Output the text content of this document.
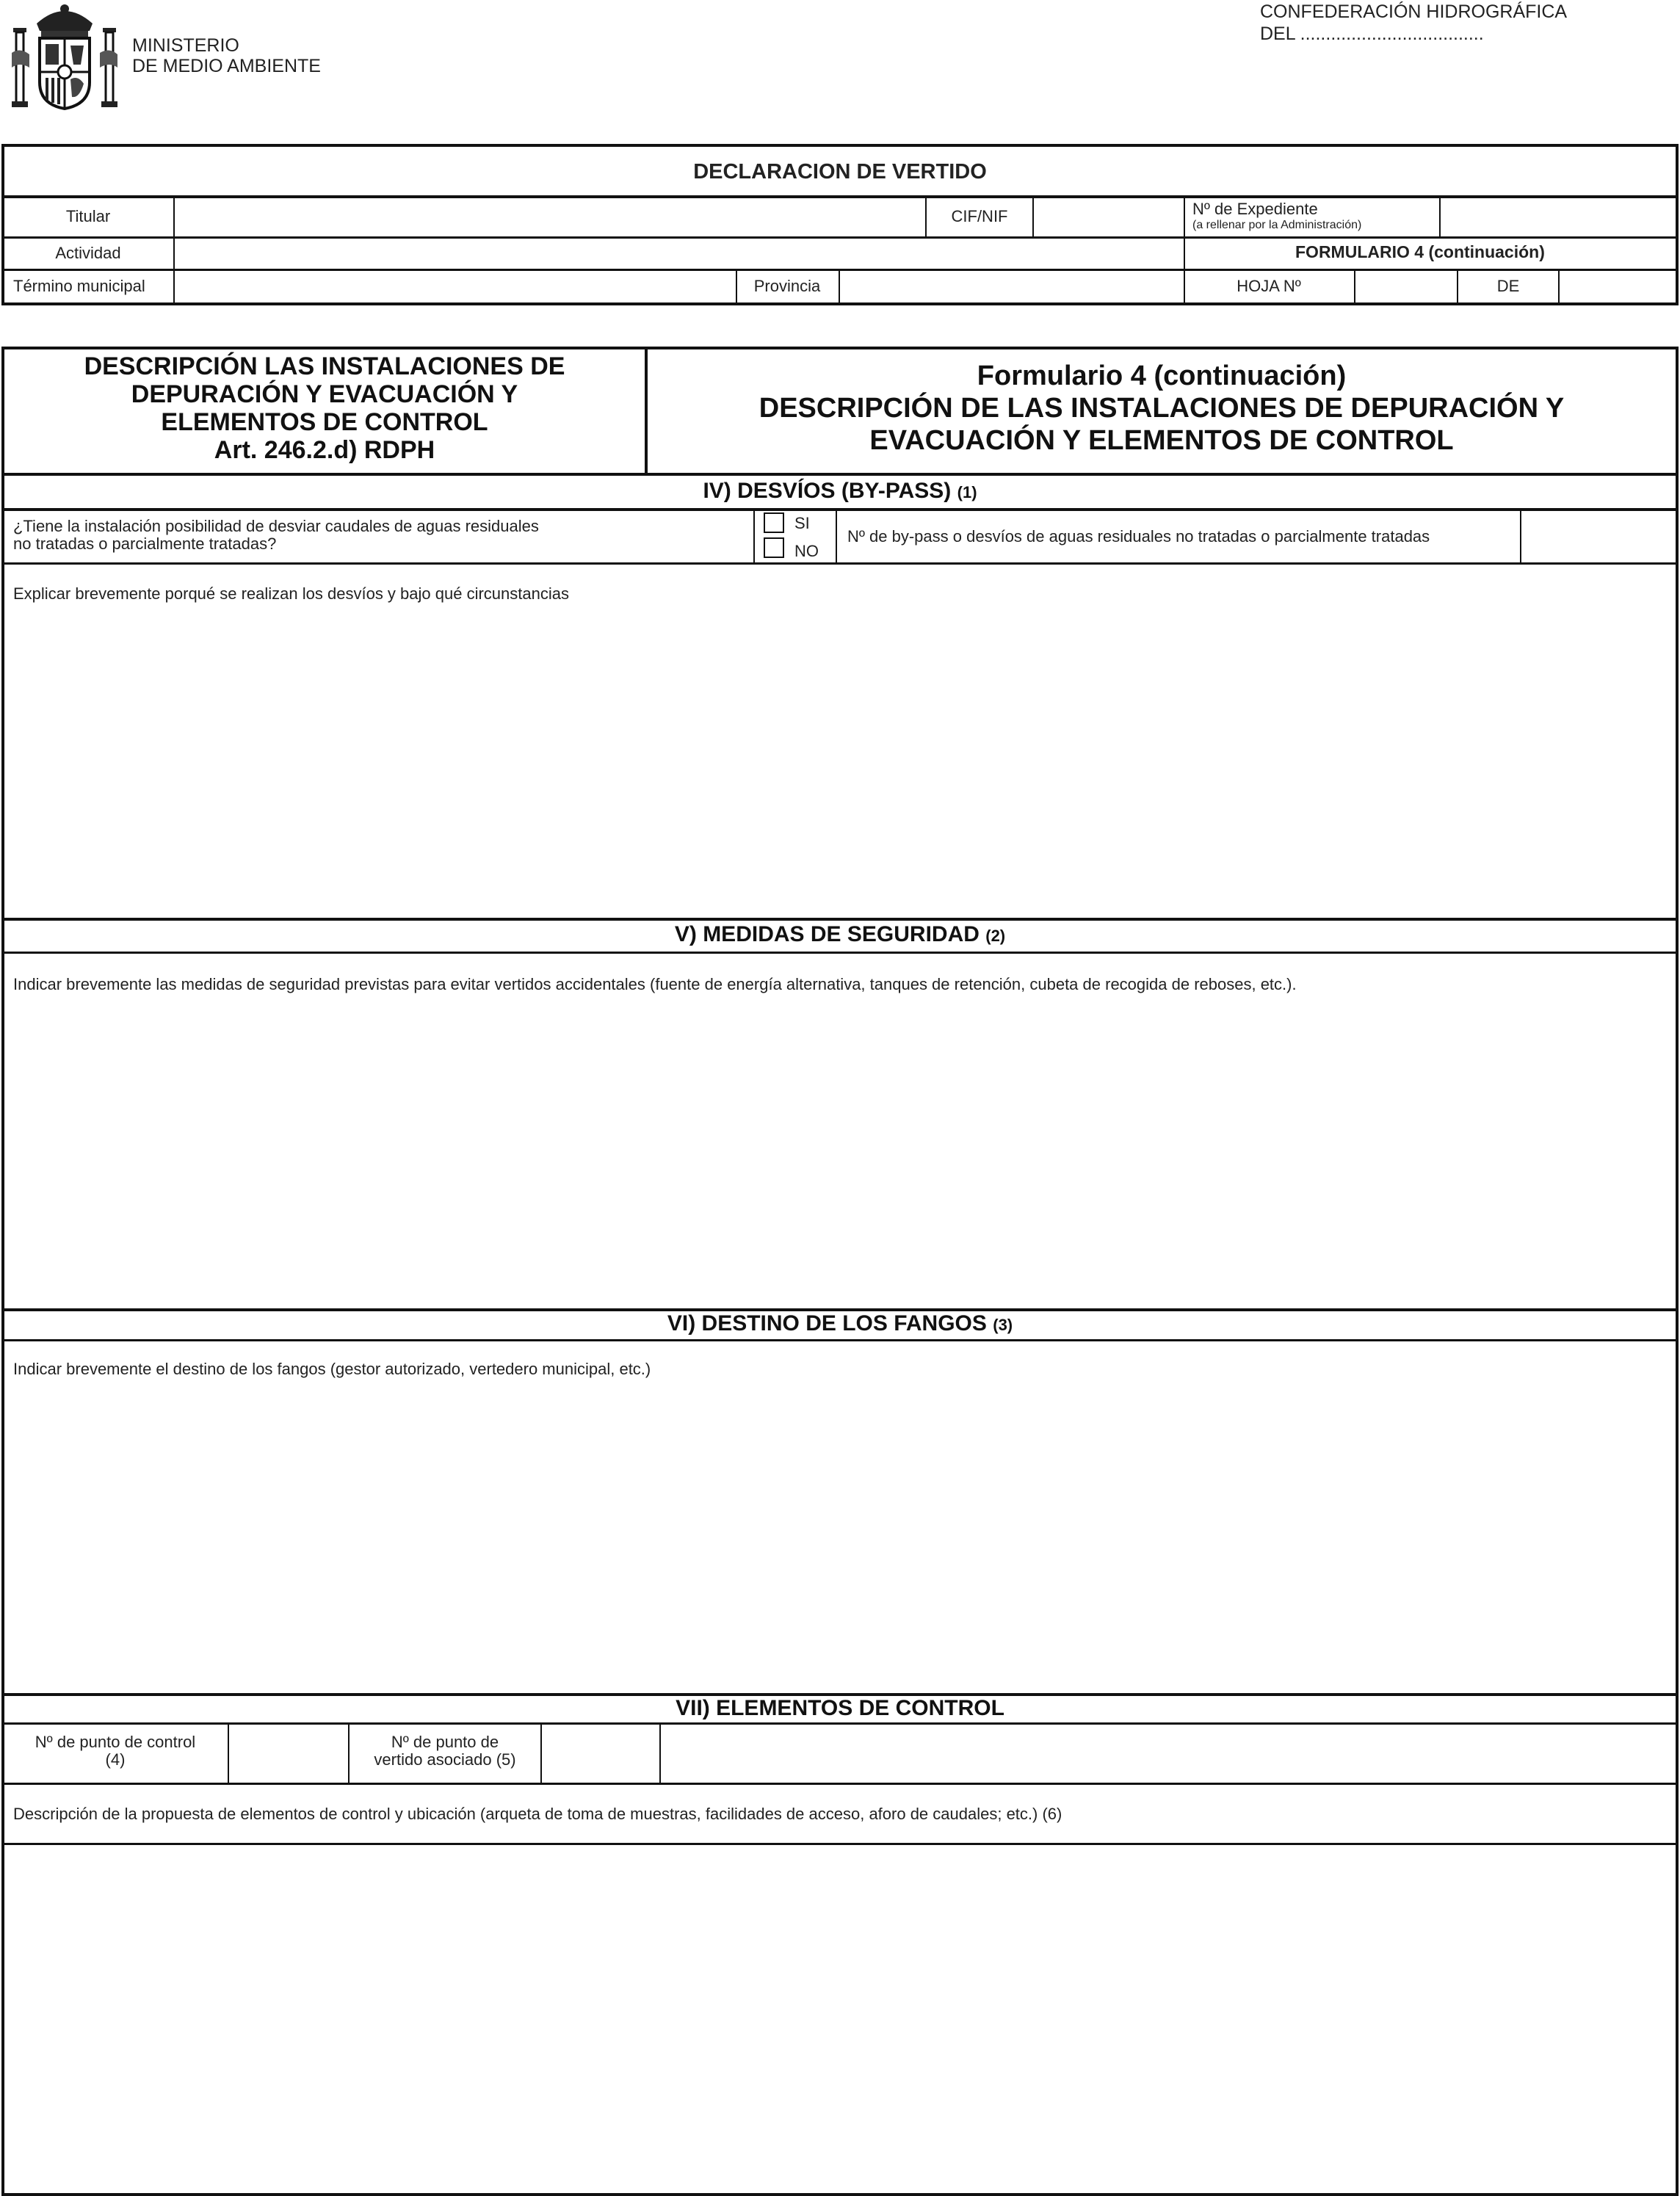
MINISTERIO
DE MEDIO AMBIENTE
CONFEDERACIÓN HIDROGRÁFICA
DEL ....................................
DECLARACION DE VERTIDO
Titular	CIF/NIF	Nº de Expediente
(a rellenar por la Administración)
Actividad	FORMULARIO 4 (continuación)
Término municipal	Provincia	HOJA Nº	DE
DESCRIPCIÓN LAS INSTALACIONES DE
DEPURACIÓN Y EVACUACIÓN Y
ELEMENTOS DE CONTROL
Art. 246.2.d) RDPH
Formulario 4 (continuación)
DESCRIPCIÓN DE LAS INSTALACIONES DE DEPURACIÓN Y
EVACUACIÓN Y ELEMENTOS DE CONTROL
IV) DESVÍOS (BY-PASS) (1)
¿Tiene la instalación posibilidad de desviar caudales de aguas residuales
no tratadas o parcialmente tratadas?
SI
NO
Nº de by-pass o desvíos de aguas residuales no tratadas o parcialmente tratadas
Explicar brevemente porqué se realizan los desvíos y bajo qué circunstancias
V) MEDIDAS DE SEGURIDAD (2)
Indicar brevemente las medidas de seguridad previstas para evitar vertidos accidentales (fuente de energía alternativa, tanques de retención, cubeta de recogida de reboses, etc.).
VI) DESTINO DE LOS FANGOS (3)
Indicar brevemente el destino de los fangos (gestor autorizado, vertedero municipal, etc.)
VII) ELEMENTOS DE CONTROL
Nº de punto de control
(4)
Nº de punto de
vertido asociado (5)
Descripción de la propuesta de elementos de control y ubicación (arqueta de toma de muestras, facilidades de acceso, aforo de caudales; etc.) (6)
